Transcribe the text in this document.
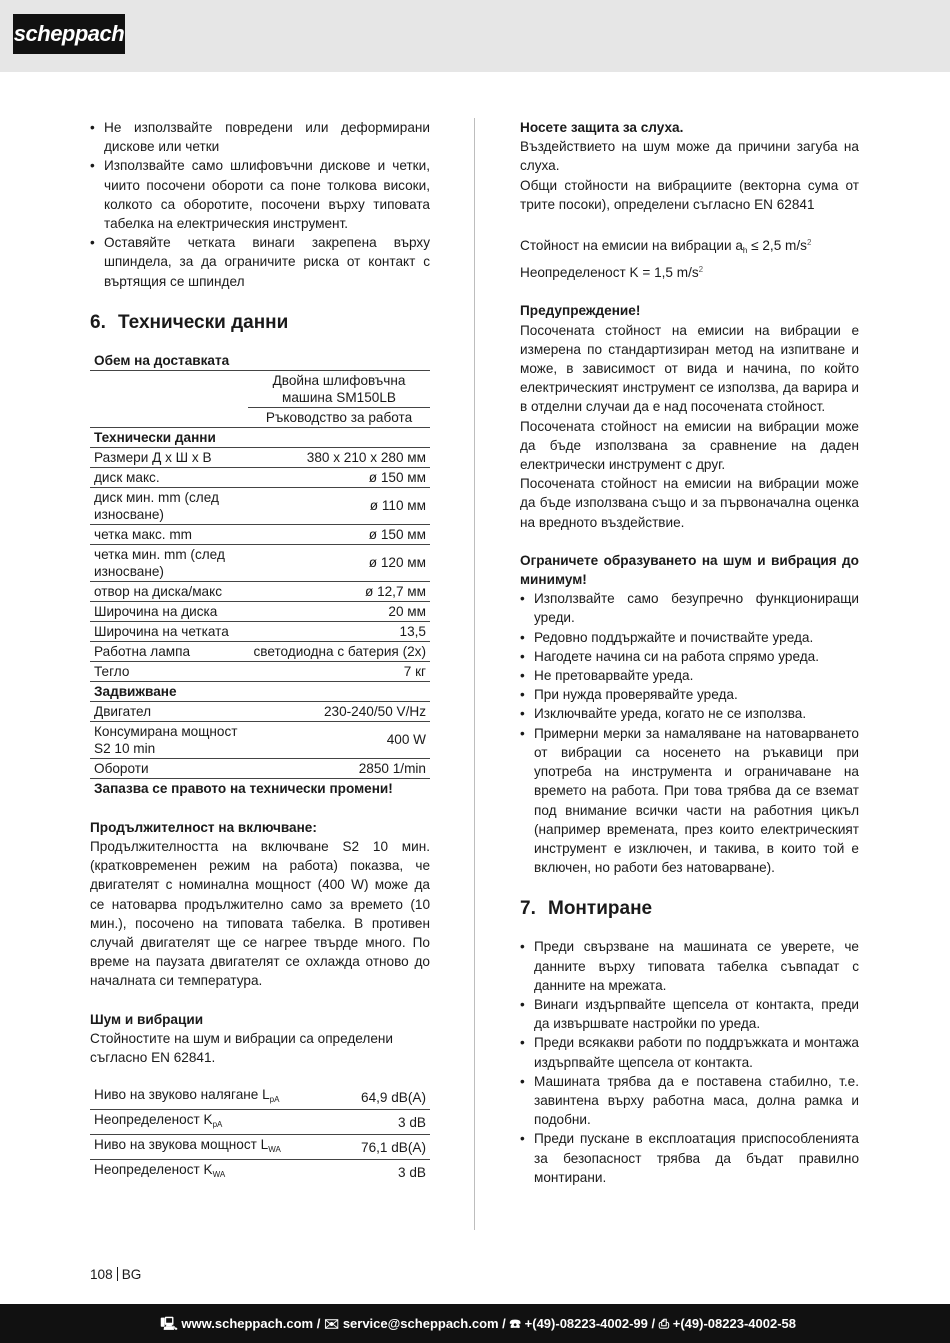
scheppach
• Не използвайте повредени или деформирани дискове или четки
• Използвайте само шлифовъчни дискове и четки, чиито посочени обороти са поне толкова високи, колкото са оборотите, посочени върху типовата табелка на електрическия инструмент.
• Оставяйте четката винаги закрепена върху шпиндела, за да ограничите риска от контакт с въртящия се шпиндел
6. Технически данни
Обем на доставката	
	Двойна шлифовъчна машина SM150LB
	Ръководство за работа
Технически данни	
Размери Д х Ш х В	380 x 210 x 280 мм
диск макс.	ø 150 мм
диск мин. mm (след износване)	ø 110 мм
четка макс. mm	ø 150 мм
четка мин. mm (след износване)	ø 120 мм
отвор на диска/макс	ø 12,7 мм
Широчина на диска	20 мм
Широчина на четката	13,5
Работна лампа	светодиодна с батерия (2x)
Тегло	7 кг
Задвижване	
Двигател	230-240/50 V/Hz
Консумирана мощност S2 10 min	400 W
Обороти	2850 1/min
Запазва се правото на технически промени!	

Продължителност на включване:

Продължителността на включване S2 10 мин. (кратковременен режим на работа) показва, че двигателят с номинална мощност (400 W) може да се натоварва продължително само за времето (10 мин.), посочено на типовата табелка. В противен случай двигателят ще се нагрее твърде много. По време на паузата двигателят се охлажда отново до началната си температура.

Шум и вибрации

Стойностите на шум и вибрации са определени съгласно EN 62841.

Ниво на звуково налягане $L_{pA}$	64,9 dB(A)
Неопределеност $K_{pA}$	3 dB
Ниво на звукова мощност $L_{WA}$	76,1 dB(A)
Неопределеност $K_{WA}$	3 dB

Носете защита за слуха.

Въздействието на шум може да причини загуба на слуха.

Общи стойности на вибрациите (векторна сума от трите посоки), определени съгласно EN 62841

Стойност на емисии на вибрации $a_h \le 2,5$ $m/s^2$

Неопределеност K = 1,5 $m/s^2$

Предупреждение!

Посочената стойност на емисии на вибрации е измерена по стандартизиран метод на изпитване и може, в зависимост от вида и начина, по който електрическият инструмент се използва, да варира и в отделни случаи да е над посочената стойност.

Посочената стойност на емисии на вибрации може да бъде използвана за сравнение на даден електрически инструмент с друг.

Посочената стойност на емисии на вибрации може да бъде използвана също и за първоначална оценка на вредното въздействие.

Ограничете образуването на шум и вибрация до минимум!

• Използвайте само безупречно функциониращи уреди.
• Редовно поддържайте и почиствайте уреда.
• Нагодете начина си на работа спрямо уреда.
• Не претоварвайте уреда.
• При нужда проверявайте уреда.
• Изключвайте уреда, когато не се използва.
• Примерни мерки за намаляване на натоварването от вибрации са носенето на ръкавици при употреба на инструмента и ограничаване на времето на работа. При това трябва да се вземат под внимание всички части на работния цикъл (например времената, през които електрическият инструмент е изключен, и такива, в които той е включен, но работи без натоварване).
7. Монтиране
• Преди свързване на машината се уверете, че данните върху типовата табелка съвпадат с данните на мрежата.
• Винаги издърпвайте щепсела от контакта, преди да извършвате настройки по уреда.
• Преди всякакви работи по поддръжката и монтажа издърпвайте щепсела от контакта.
• Машината трябва да е поставена стабилно, т.е. завинтена върху работна маса, долна рамка и подобни.
• Преди пускане в експлоатация приспособленията за безопасност трябва да бъдат правилно монтирани.
108 BG
🖳 www.scheppach.com / ✉ service@scheppach.com / ☎ +(49)-08223-4002-99 / ⎙ +(49)-08223-4002-58
